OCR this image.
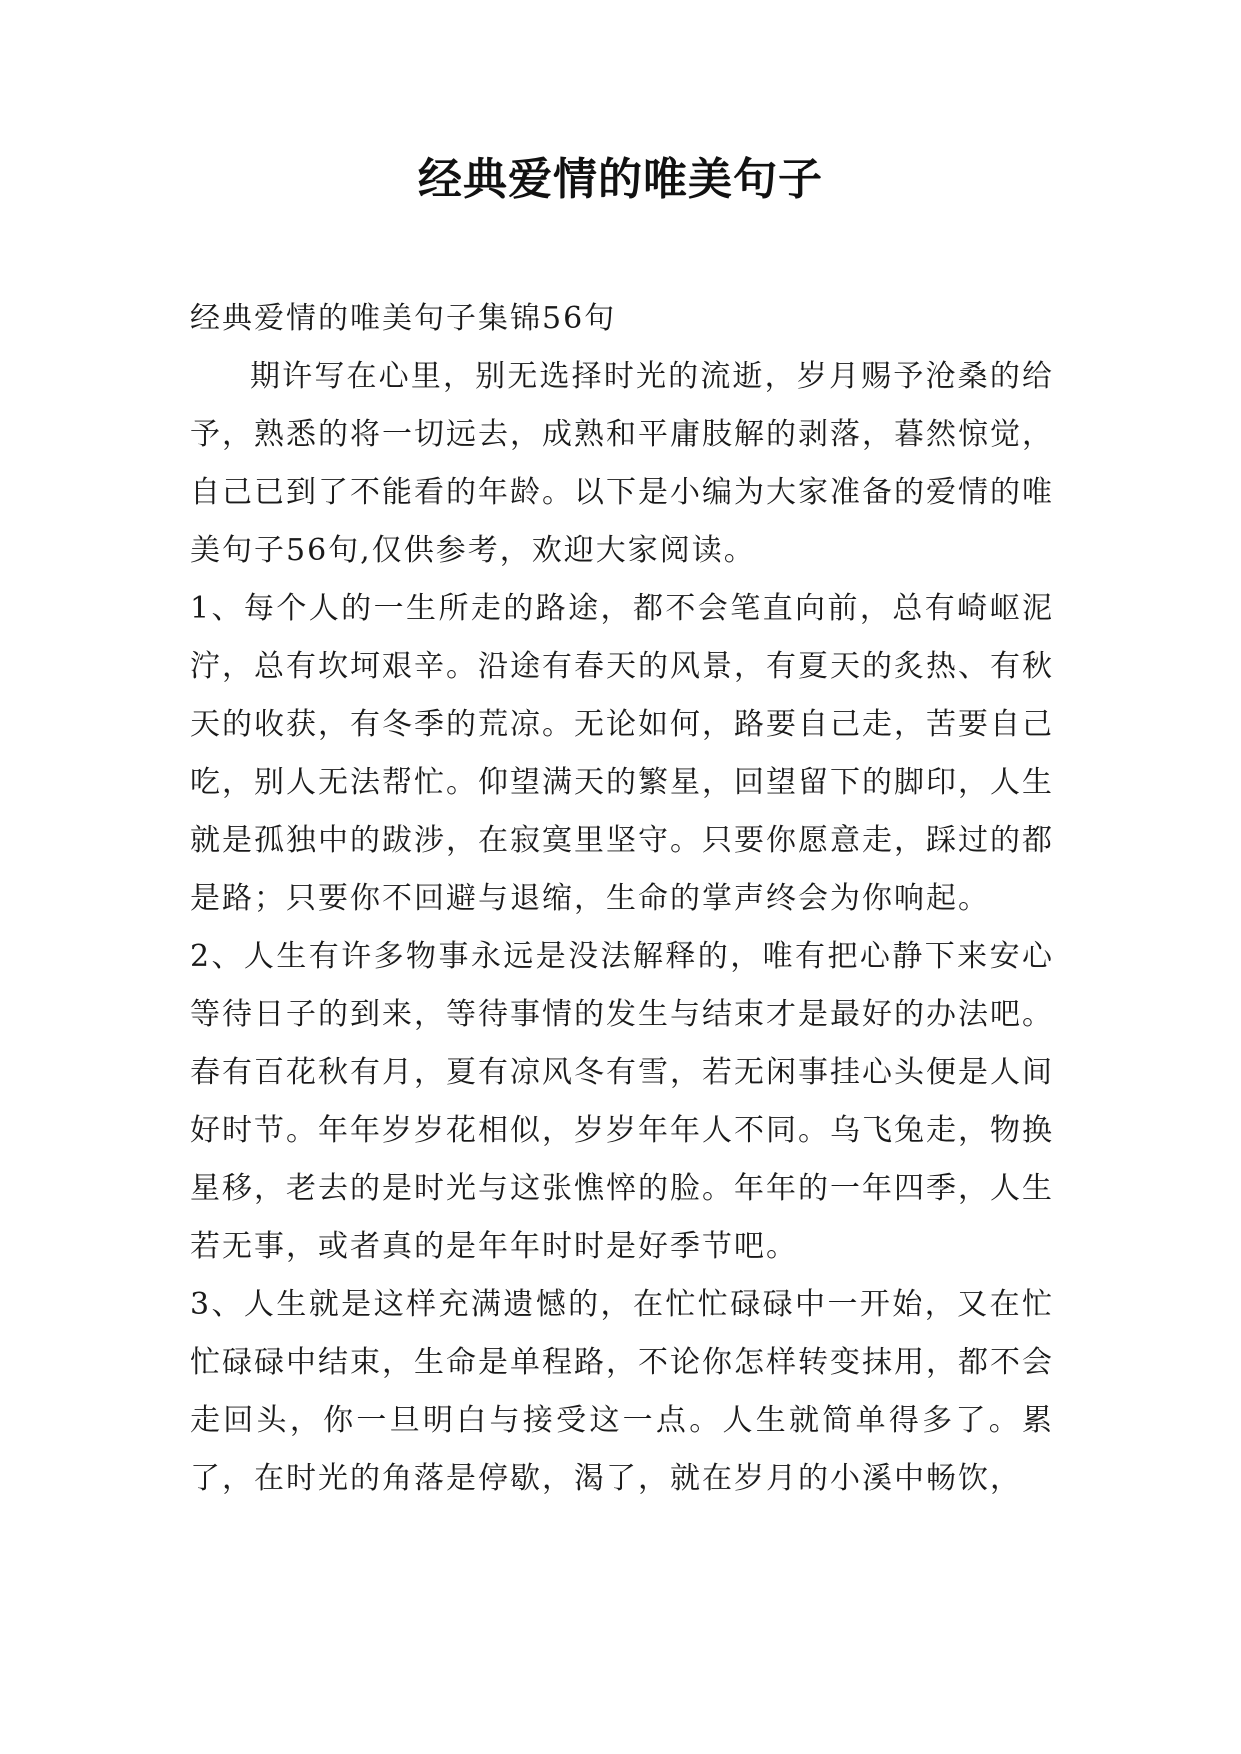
经典爱情的唯美句子

经典爱情的唯美句子集锦56句

期许写在心里，别无选择时光的流逝，岁月赐予沧桑的给予，熟悉的将一切远去，成熟和平庸肢解的剥落，暮然惊觉，自己已到了不能看的年龄。以下是小编为大家准备的爱情的唯美句子56句,仅供参考，欢迎大家阅读。

1、每个人的一生所走的路途，都不会笔直向前，总有崎岖泥泞，总有坎坷艰辛。沿途有春天的风景，有夏天的炙热、有秋天的收获，有冬季的荒凉。无论如何，路要自己走，苦要自己吃，别人无法帮忙。仰望满天的繁星，回望留下的脚印，人生就是孤独中的跋涉，在寂寞里坚守。只要你愿意走，踩过的都是路；只要你不回避与退缩，生命的掌声终会为你响起。

2、人生有许多物事永远是没法解释的，唯有把心静下来安心等待日子的到来，等待事情的发生与结束才是最好的办法吧。春有百花秋有月，夏有凉风冬有雪，若无闲事挂心头便是人间好时节。年年岁岁花相似，岁岁年年人不同。乌飞兔走，物换星移，老去的是时光与这张憔悴的脸。年年的一年四季，人生若无事，或者真的是年年时时是好季节吧。

3、人生就是这样充满遗憾的，在忙忙碌碌中一开始，又在忙忙碌碌中结束，生命是单程路，不论你怎样转变抹用，都不会走回头，你一旦明白与接受这一点。人生就简单得多了。累了，在时光的角落是停歇，渴了，就在岁月的小溪中畅饮，
